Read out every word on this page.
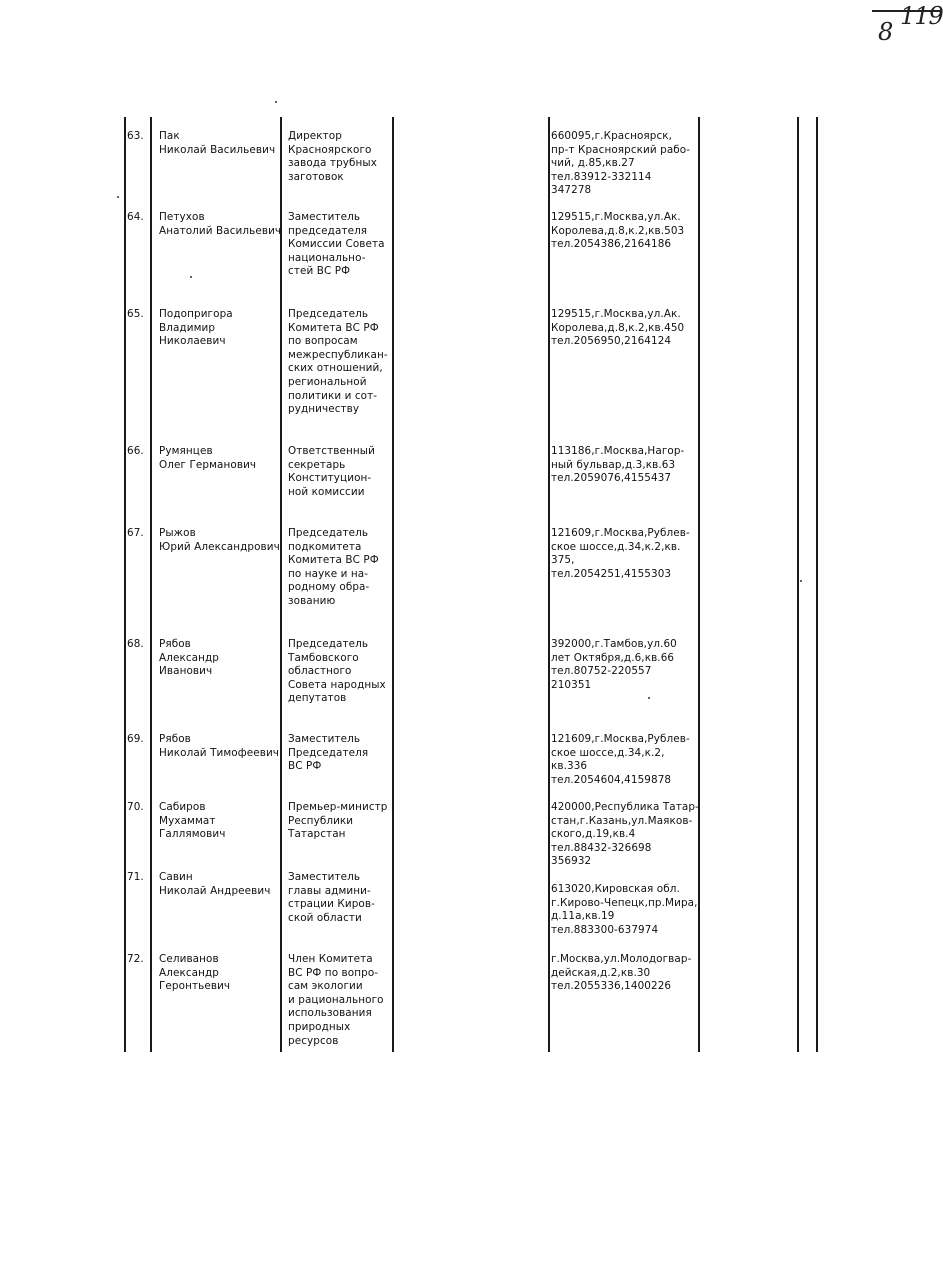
8
119
63. Пак
Николай Васильевич
Директор
Красноярского
завода трубных
заготовок
660095,г.Красноярск,
пр-т Красноярский рабо-
чий, д.85,кв.27
тел.83912-332114
347278
64. Петухов
Анатолий Васильевич
Заместитель
председателя
Комиссии Совета
национальнo-
стей ВС РФ
129515,г.Москва,ул.Ак.
Королева,д.8,к.2,кв.503
тел.2054386,2164186
65. Подопригора
Владимир
Николаевич
Председатель
Комитета ВС РФ
по вопросам
межреспубликан-
ских отношений,
региональной
политики и сот-
рудничеству
129515,г.Москва,ул.Ак.
Королева,д.8,к.2,кв.450
тел.2056950,2164124
66. Румянцев
Олег Германович
Ответственный
секретарь
Конституцион-
ной комиссии
113186,г.Москва,Нагор-
ный бульвар,д.3,кв.63
тел.2059076,4155437
67. Рыжов
Юрий Александрович
Председатель
подкомитета
Комитета ВС РФ
по науке и на-
родному обра-
зованию
121609,г.Москва,Рублев-
ское шоссе,д.34,к.2,кв.
375,
тел.2054251,4155303
68. Рябов
Александр
Иванович
Председатель
Тамбовского
областного
Совета народных
депутатов
392000,г.Тамбов,ул.60
лет Октября,д.6,кв.66
тел.80752-220557
210351
69. Рябов
Николай Тимофеевич
Заместитель
Председателя
ВС РФ
121609,г.Москва,Рублев-
ское шоссе,д.34,к.2,
кв.336
тел.2054604,4159878
70. Сабиров
Мухаммат
Галлямович
Премьер-министр
Республики
Татарстан
420000,Республика Татар-
стан,г.Казань,ул.Маяков-
ского,д.19,кв.4
тел.88432-326698
356932
71. Савин
Николай Андреевич
Заместитель
главы админи-
страции Киров-
ской области
613020,Кировская обл.
г.Кирово-Чепецк,пр.Мира,
д.11а,кв.19
тел.883300-637974
72. Селиванов
Александр
Геронтьевич
Член Комитета
ВС РФ по вопро-
сам экологии
и рационального
использования
природных
ресурсов
г.Москва,ул.Молодогвар-
дейская,д.2,кв.30
тел.2055336,1400226
